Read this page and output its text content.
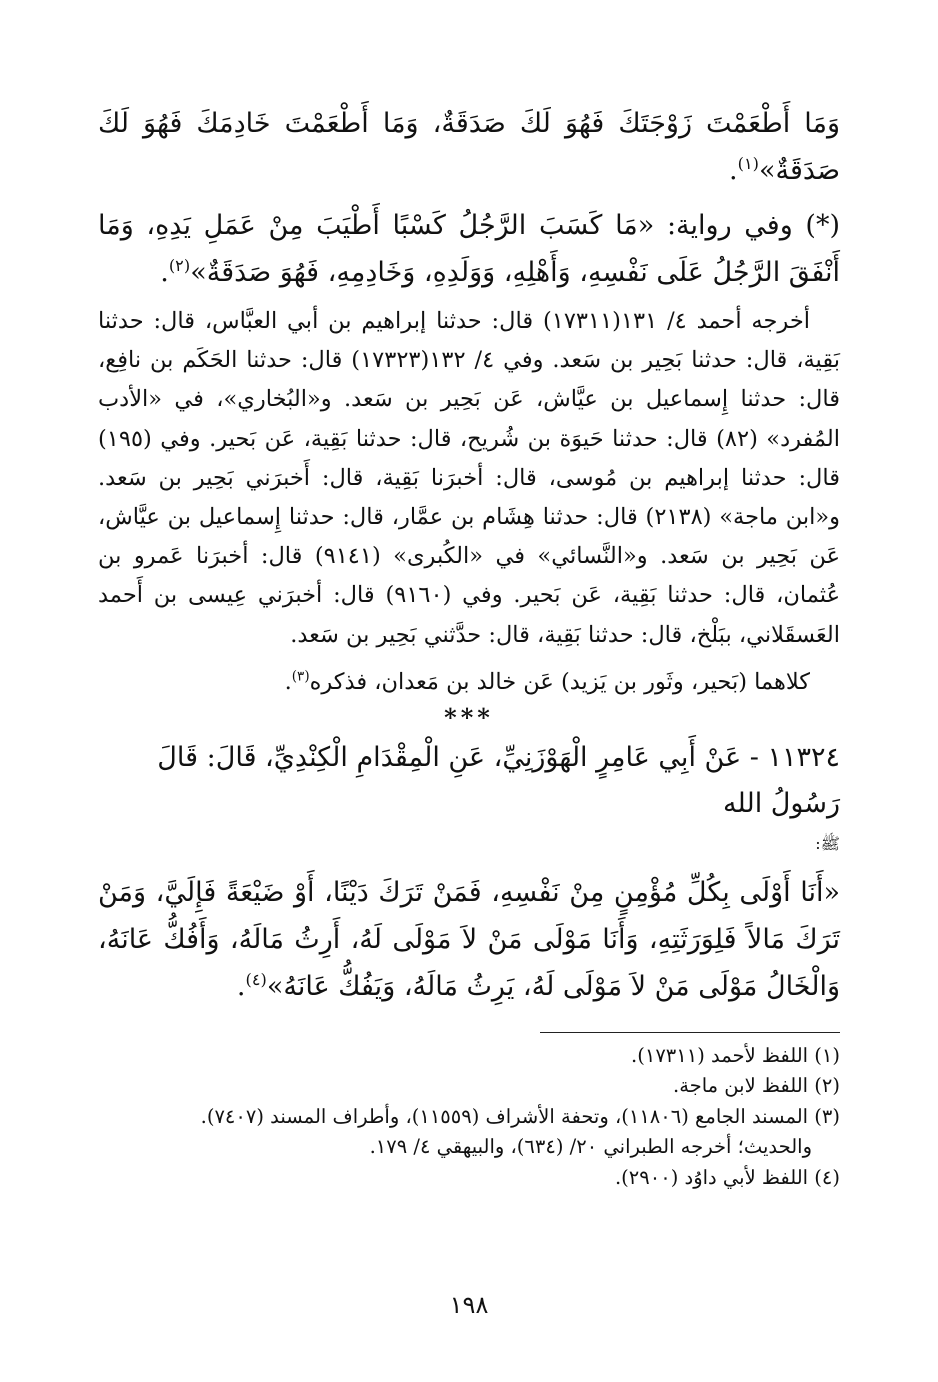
وَمَا أَطْعَمْتَ زَوْجَتَكَ فَهُوَ لَكَ صَدَقَةٌ، وَمَا أَطْعَمْتَ خَادِمَكَ فَهُوَ لَكَ صَدَقَةٌ»$^{(١)}$.

(*) وفي رواية: «مَا كَسَبَ الرَّجُلُ كَسْبًا أَطْيَبَ مِنْ عَمَلِ يَدِهِ، وَمَا أَنْفَقَ الرَّجُلُ عَلَى نَفْسِهِ، وَأَهْلِهِ، وَوَلَدِهِ، وَخَادِمِهِ، فَهُوَ صَدَقَةٌ»$^{(٢)}$.

أخرجه أحمد ٤/ ١٣١(١٧٣١١) قال: حدثنا إبراهيم بن أبي العبَّاس، قال: حدثنا بَقِية، قال: حدثنا بَحِير بن سَعد. وفي ٤/ ١٣٢(١٧٣٢٣) قال: حدثنا الحَكَم بن نافِع، قال: حدثنا إِسماعيل بن عيَّاش، عَن بَحِير بن سَعد. و«البُخاري»، في «الأدب المُفرد» (٨٢) قال: حدثنا حَيوَة بن شُريح، قال: حدثنا بَقِية، عَن بَحير. وفي (١٩٥) قال: حدثنا إبراهيم بن مُوسى، قال: أخبرَنا بَقِية، قال: أَخبرَني بَحِير بن سَعد. و«ابن ماجة» (٢١٣٨) قال: حدثنا هِشَام بن عمَّار، قال: حدثنا إِسماعيل بن عيَّاش، عَن بَحِير بن سَعد. و«النَّسائي» في «الكُبرى» (٩١٤١) قال: أخبرَنا عَمرو بن عُثمان، قال: حدثنا بَقِية، عَن بَحير. وفي (٩١٦٠) قال: أخبرَني عِيسى بن أَحمد العَسقَلاني، ببَلْخ، قال: حدثنا بَقِية، قال: حدَّثني بَحِير بن سَعد.

كلاهما (بَحير، وثَور بن يَزيد) عَن خالد بن مَعدان، فذكره$^{(٣)}$.

***

١١٣٢٤ - عَنْ أَبِي عَامِرٍ الْهَوْزَنِيِّ، عَنِ الْمِقْدَامِ الْكِنْدِيِّ، قَالَ: قَالَ رَسُولُ الله

ﷺ:

«أَنَا أَوْلَى بِكُلِّ مُؤْمِنٍ مِنْ نَفْسِهِ، فَمَنْ تَرَكَ دَيْنًا، أَوْ ضَيْعَةً فَإِلَيَّ، وَمَنْ تَرَكَ مَالاً فَلِوَرَثَتِهِ، وَأَنَا مَوْلَى مَنْ لاَ مَوْلَى لَهُ، أَرِثُ مَالَهُ، وَأَفُكُّ عَانَهُ، وَالْخَالُ مَوْلَى مَنْ لاَ مَوْلَى لَهُ، يَرِثُ مَالَهُ، وَيَفُكُّ عَانَهُ»$^{(٤)}$.

(١) اللفظ لأحمد (١٧٣١١).
(٢) اللفظ لابن ماجة.
(٣) المسند الجامع (١١٨٠٦)، وتحفة الأشراف (١١٥٥٩)، وأطراف المسند (٧٤٠٧).
والحديث؛ أخرجه الطبراني ٢٠/ (٦٣٤)، والبيهقي ٤/ ١٧٩.
(٤) اللفظ لأبي داوُد (٢٩٠٠).
١٩٨
